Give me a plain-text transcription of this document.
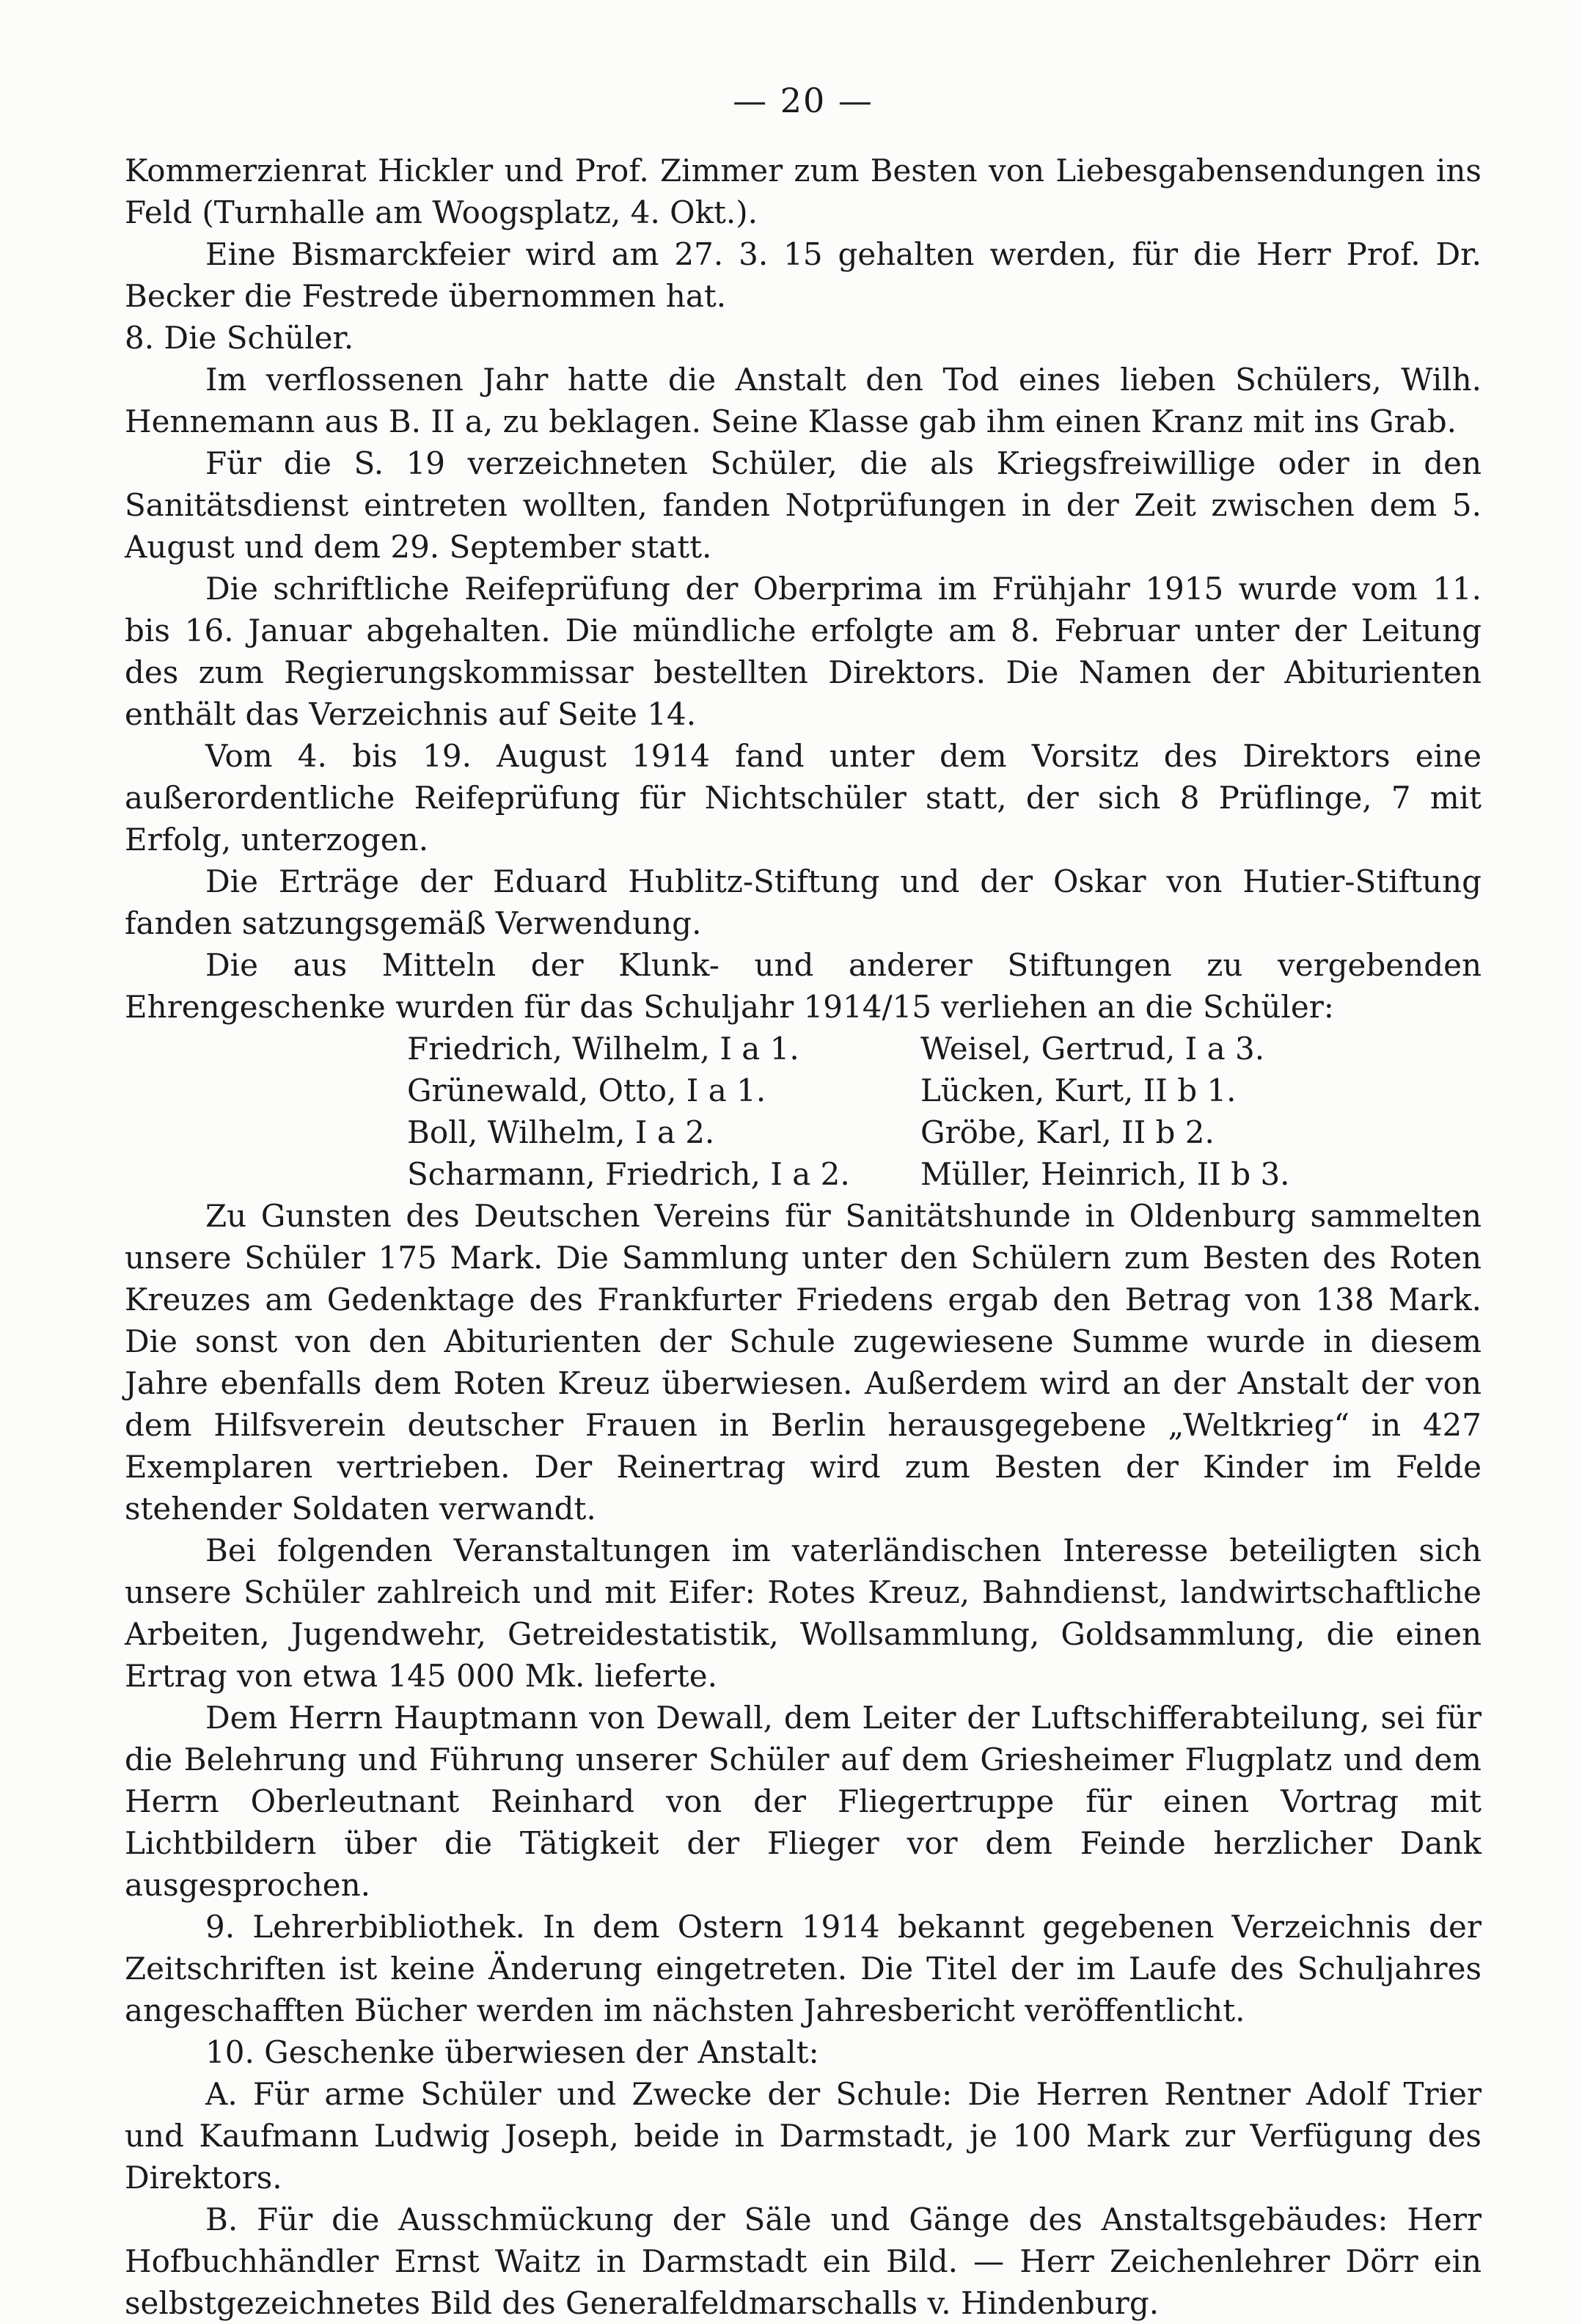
— 20 —

Kommerzienrat Hickler und Prof. Zimmer zum Besten von Liebesgabensendungen ins Feld (Turnhalle am Woogsplatz, 4. Okt.).

Eine Bismarckfeier wird am 27. 3. 15 gehalten werden, für die Herr Prof. Dr. Becker die Festrede übernommen hat.

8. Die Schüler.

Im verflossenen Jahr hatte die Anstalt den Tod eines lieben Schülers, Wilh. Hennemann aus B. II a, zu beklagen. Seine Klasse gab ihm einen Kranz mit ins Grab.

Für die S. 19 verzeichneten Schüler, die als Kriegsfreiwillige oder in den Sanitätsdienst eintreten wollten, fanden Notprüfungen in der Zeit zwischen dem 5. August und dem 29. September statt.

Die schriftliche Reifeprüfung der Oberprima im Frühjahr 1915 wurde vom 11. bis 16. Januar abgehalten. Die mündliche erfolgte am 8. Februar unter der Leitung des zum Regierungskommissar bestellten Direktors. Die Namen der Abiturienten enthält das Verzeichnis auf Seite 14.

Vom 4. bis 19. August 1914 fand unter dem Vorsitz des Direktors eine außerordentliche Reifeprüfung für Nichtschüler statt, der sich 8 Prüflinge, 7 mit Erfolg, unterzogen.

Die Erträge der Eduard Hublitz-Stiftung und der Oskar von Hutier-Stiftung fanden satzungsgemäß Verwendung.

Die aus Mitteln der Klunk- und anderer Stiftungen zu vergebenden Ehrengeschenke wurden für das Schuljahr 1914/15 verliehen an die Schüler:

Friedrich, Wilhelm, I a 1.	Weisel, Gertrud, I a 3.
Grünewald, Otto, I a 1.	Lücken, Kurt, II b 1.
Boll, Wilhelm, I a 2.	Gröbe, Karl, II b 2.
Scharmann, Friedrich, I a 2.	Müller, Heinrich, II b 3.

Zu Gunsten des Deutschen Vereins für Sanitätshunde in Oldenburg sammelten unsere Schüler 175 Mark. Die Sammlung unter den Schülern zum Besten des Roten Kreuzes am Gedenktage des Frankfurter Friedens ergab den Betrag von 138 Mark. Die sonst von den Abiturienten der Schule zugewiesene Summe wurde in diesem Jahre ebenfalls dem Roten Kreuz überwiesen. Außerdem wird an der Anstalt der von dem Hilfsverein deutscher Frauen in Berlin herausgegebene „Weltkrieg“ in 427 Exemplaren vertrieben. Der Reinertrag wird zum Besten der Kinder im Felde stehender Soldaten verwandt.

Bei folgenden Veranstaltungen im vaterländischen Interesse beteiligten sich unsere Schüler zahlreich und mit Eifer: Rotes Kreuz, Bahndienst, landwirtschaftliche Arbeiten, Jugendwehr, Getreidestatistik, Wollsammlung, Goldsammlung, die einen Ertrag von etwa 145 000 Mk. lieferte.

Dem Herrn Hauptmann von Dewall, dem Leiter der Luftschifferabteilung, sei für die Belehrung und Führung unserer Schüler auf dem Griesheimer Flugplatz und dem Herrn Oberleutnant Reinhard von der Fliegertruppe für einen Vortrag mit Lichtbildern über die Tätigkeit der Flieger vor dem Feinde herzlicher Dank ausgesprochen.

9. Lehrerbibliothek. In dem Ostern 1914 bekannt gegebenen Verzeichnis der Zeitschriften ist keine Änderung eingetreten. Die Titel der im Laufe des Schuljahres angeschafften Bücher werden im nächsten Jahresbericht veröffentlicht.

10. Geschenke überwiesen der Anstalt:

A. Für arme Schüler und Zwecke der Schule: Die Herren Rentner Adolf Trier und Kaufmann Ludwig Joseph, beide in Darmstadt, je 100 Mark zur Verfügung des Direktors.

B. Für die Ausschmückung der Säle und Gänge des Anstaltsgebäudes: Herr Hofbuchhändler Ernst Waitz in Darmstadt ein Bild. — Herr Zeichenlehrer Dörr ein selbstgezeichnetes Bild des Generalfeldmarschalls v. Hindenburg.
